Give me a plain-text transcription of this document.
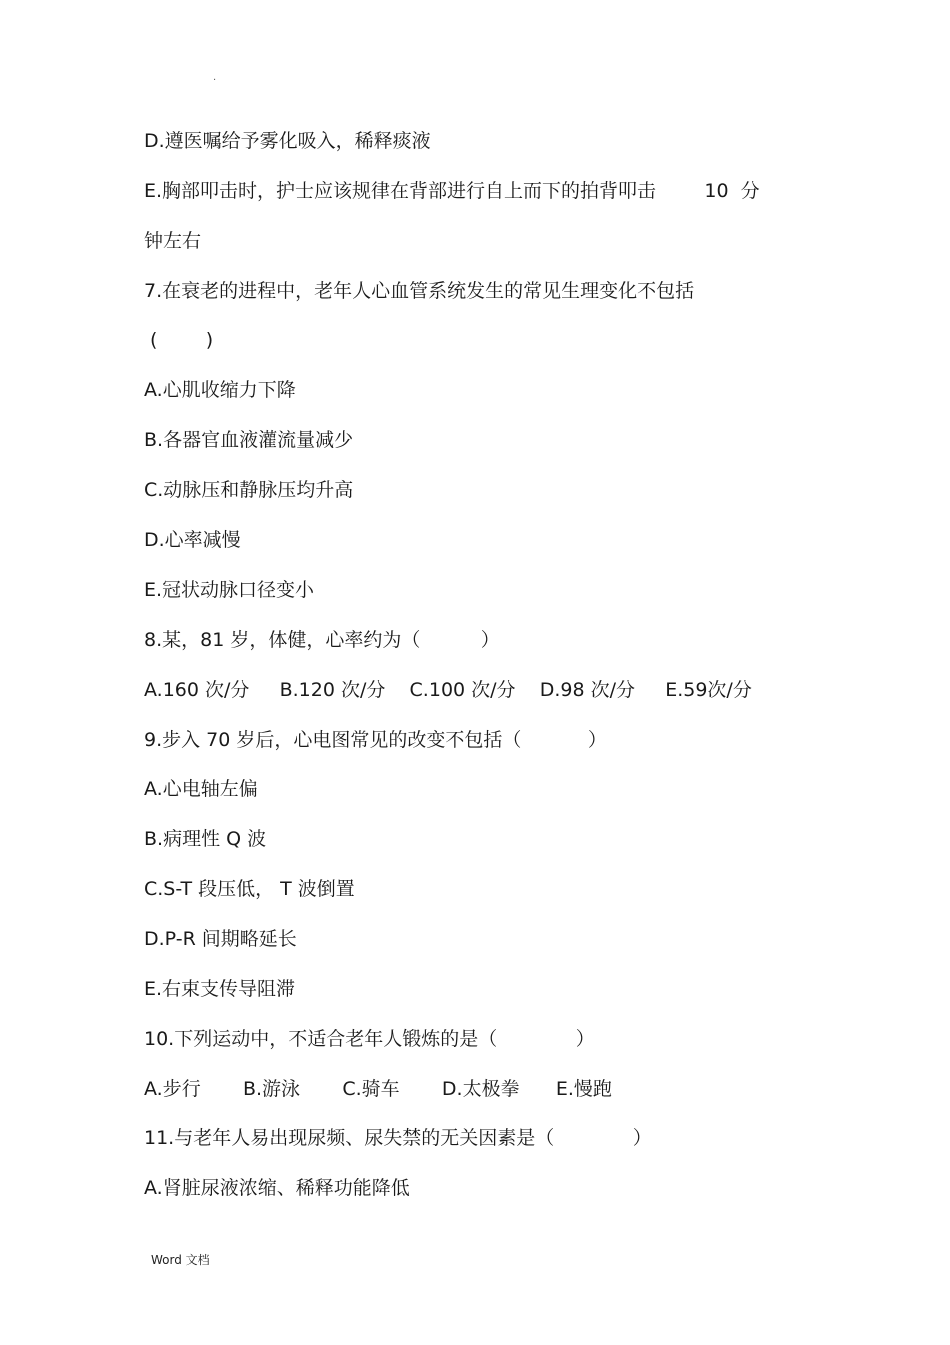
.
D.遵医嘱给予雾化吸入，稀释痰液
E.胸部叩击时，护士应该规律在背部进行自上而下的拍背叩击        10  分
钟左右
7.在衰老的进程中，老年人心血管系统发生的常见生理变化不包括
(        )
A.心肌收缩力下降
B.各器官血液灌流量减少
C.动脉压和静脉压均升高
D.心率减慢
E.冠状动脉口径变小
8.某，81 岁，体健，心率约为（          ）
A.160 次/分     B.120 次/分    C.100 次/分    D.98 次/分     E.59次/分
9.步入 70 岁后，心电图常见的改变不包括（           ）
A.心电轴左偏
B.病理性 Q 波
C.S-T 段压低， T 波倒置
D.P-R 间期略延长
E.右束支传导阻滞
10.下列运动中，不适合老年人锻炼的是（             ）
A.步行       B.游泳       C.骑车       D.太极拳      E.慢跑
11.与老年人易出现尿频、尿失禁的无关因素是（             ）
A.肾脏尿液浓缩、稀释功能降低
Word 文档
